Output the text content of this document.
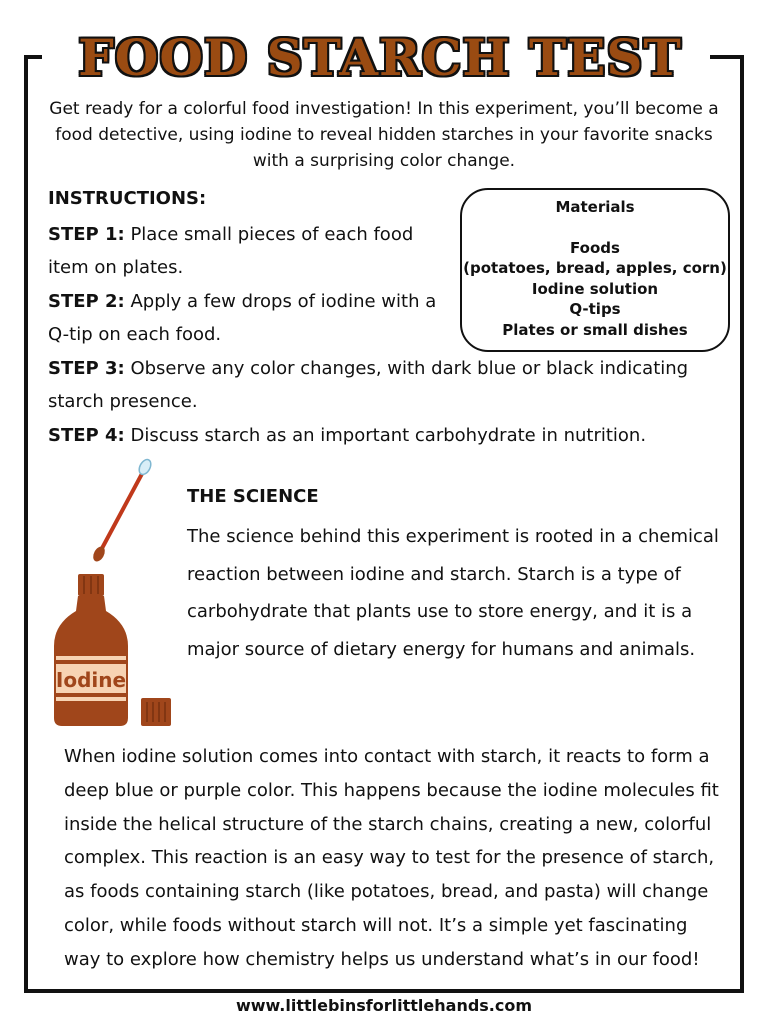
FOOD STARCH TEST

Get ready for a colorful food investigation! In this experiment, you’ll become a food detective, using iodine to reveal hidden starches in your favorite snacks with a surprising color change.

INSTRUCTIONS:

STEP 1: Place small pieces of each food item on plates.

STEP 2: Apply a few drops of iodine with a Q-tip on each food.

STEP 3: Observe any color changes, with dark blue or black indicating starch presence.

STEP 4: Discuss starch as an important carbohydrate in nutrition.

Materials
Foods
(potatoes, bread, apples, corn)
Iodine solution
Q-tips
Plates or small dishes
Iodine

THE SCIENCE

The science behind this experiment is rooted in a chemical reaction between iodine and starch. Starch is a type of carbohydrate that plants use to store energy, and it is a major source of dietary energy for humans and animals.

When iodine solution comes into contact with starch, it reacts to form a deep blue or purple color. This happens because the iodine molecules fit inside the helical structure of the starch chains, creating a new, colorful complex. This reaction is an easy way to test for the presence of starch, as foods containing starch (like potatoes, bread, and pasta) will change color, while foods without starch will not. It’s a simple yet fascinating way to explore how chemistry helps us understand what’s in our food!

www.littlebinsforlittlehands.com
